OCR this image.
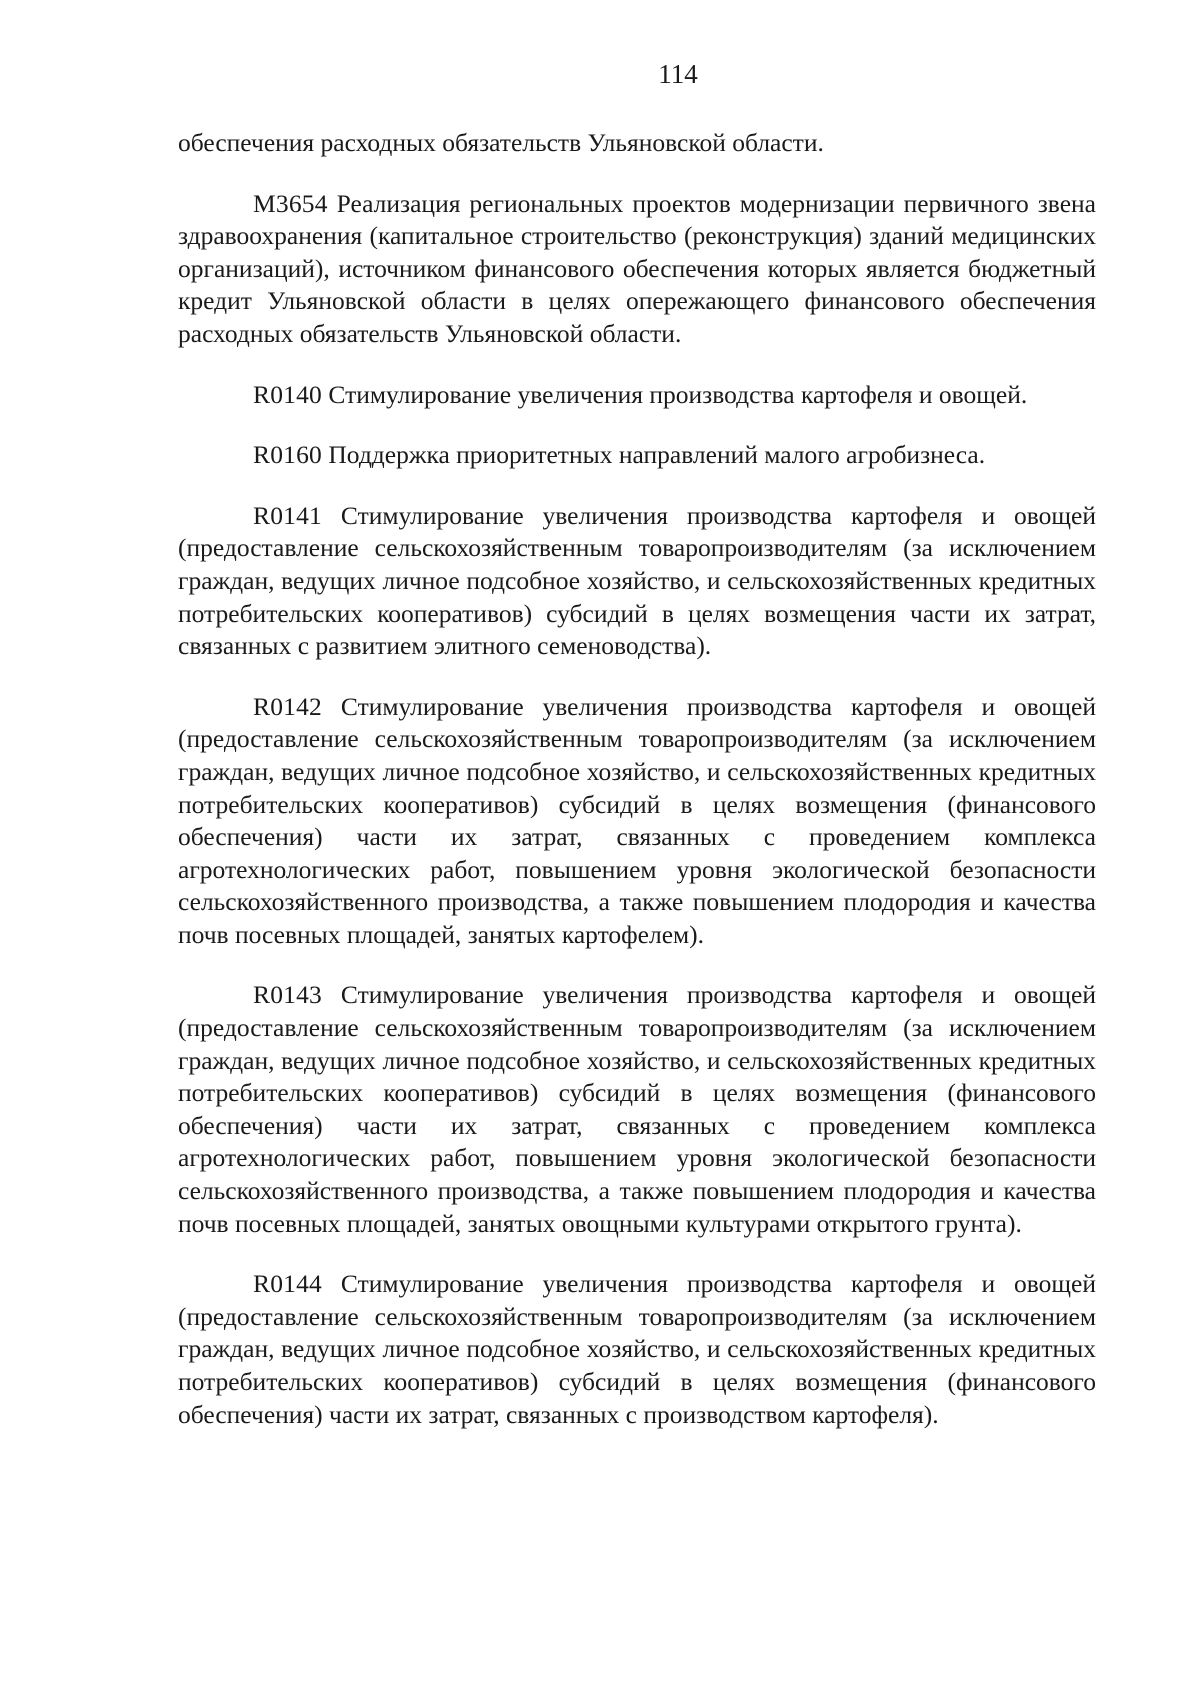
114

обеспечения расходных обязательств Ульяновской области.

М3654 Реализация региональных проектов модернизации первичного звена здравоохранения (капитальное строительство (реконструкция) зданий медицинских организаций), источником финансового обеспечения которых является бюджетный кредит Ульяновской области в целях опережающего финансового обеспечения расходных обязательств Ульяновской области.

R0140 Стимулирование увеличения производства картофеля и овощей.

R0160 Поддержка приоритетных направлений малого агробизнеса.

R0141 Стимулирование увеличения производства картофеля и овощей (предоставление сельскохозяйственным товаропроизводителям (за исключением граждан, ведущих личное подсобное хозяйство, и сельскохозяйственных кредитных потребительских кооперативов) субсидий в целях возмещения части их затрат, связанных с развитием элитного семеноводства).

R0142 Стимулирование увеличения производства картофеля и овощей (предоставление сельскохозяйственным товаропроизводителям (за исключением граждан, ведущих личное подсобное хозяйство, и сельскохозяйственных кредитных потребительских кооперативов) субсидий в целях возмещения (финансового обеспечения) части их затрат, связанных с проведением комплекса агротехнологических работ, повышением уровня экологической безопасности сельскохозяйственного производства, а также повышением плодородия и качества почв посевных площадей, занятых картофелем).

R0143 Стимулирование увеличения производства картофеля и овощей (предоставление сельскохозяйственным товаропроизводителям (за исключением граждан, ведущих личное подсобное хозяйство, и сельскохозяйственных кредитных потребительских кооперативов) субсидий в целях возмещения (финансового обеспечения) части их затрат, связанных с проведением комплекса агротехнологических работ, повышением уровня экологической безопасности сельскохозяйственного производства, а также повышением плодородия и качества почв посевных площадей, занятых овощными культурами открытого грунта).

R0144 Стимулирование увеличения производства картофеля и овощей (предоставление сельскохозяйственным товаропроизводителям (за исключением граждан, ведущих личное подсобное хозяйство, и сельскохозяйственных кредитных потребительских кооперативов) субсидий в целях возмещения (финансового обеспечения) части их затрат, связанных с производством картофеля).
